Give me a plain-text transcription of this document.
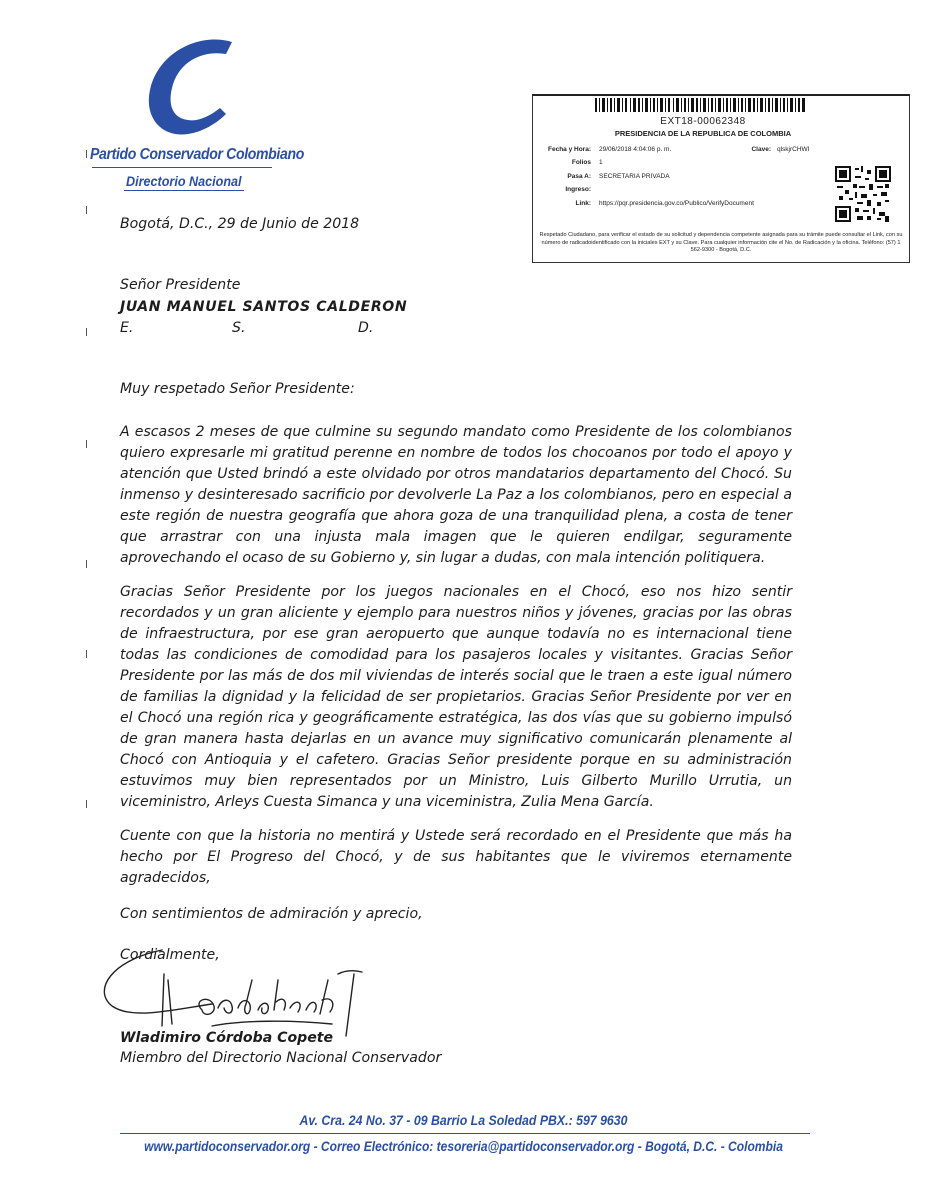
Partido Conservador Colombiano
Directorio Nacional
EXT18-00062348
PRESIDENCIA DE LA REPUBLICA DE COLOMBIA
Fecha y Hora: 29/06/2018 4:04:06 p. m.	Clave: qlskjrCHWI
Folios 1
Pasa A: SECRETARIA PRIVADA
Ingreso:
Link: https://pqr.presidencia.gov.co/Publico/VerifyDocument
Respetado Ciudadano, para verificar el estado de su solicitud y dependencia competente asignada para su trámite puede consultar el Link, con su número de radicadoidentificado con la iniciales EXT y su Clave. Para cualquier información cite el No. de Radicación y la oficina. Teléfono: (57) 1 562-9300 - Bogotá, D.C.
Bogotá, D.C., 29 de Junio de 2018
Señor Presidente
JUAN MANUEL SANTOS CALDERON
E.	S.	D.
Muy respetado Señor Presidente:
A escasos 2 meses de que culmine su segundo mandato como Presidente de los colombianos quiero expresarle mi gratitud perenne en nombre de todos los chocoanos por todo el apoyo y atención que Usted brindó a este olvidado por otros mandatarios departamento del Chocó. Su inmenso y desinteresado sacrificio por devolverle La Paz a los colombianos, pero en especial a este región de nuestra geografía que ahora goza de una tranquilidad plena, a costa de tener que arrastrar con una injusta mala imagen que le quieren endilgar, seguramente aprovechando el ocaso de su Gobierno y, sin lugar a dudas, con mala intención politiquera.
Gracias Señor Presidente por los juegos nacionales en el Chocó, eso nos hizo sentir recordados y un gran aliciente y ejemplo para nuestros niños y jóvenes, gracias por las obras de infraestructura, por ese gran aeropuerto que aunque todavía no es internacional tiene todas las condiciones de comodidad para los pasajeros locales y visitantes. Gracias Señor Presidente por las más de dos mil viviendas de interés social que le traen a este igual número de familias la dignidad y la felicidad de ser propietarios. Gracias Señor Presidente por ver en el Chocó una región rica y geográficamente estratégica, las dos vías que su gobierno impulsó de gran manera hasta dejarlas en un avance muy significativo comunicarán plenamente al Chocó con Antioquia y el cafetero. Gracias Señor presidente porque en su administración estuvimos muy bien representados por un Ministro, Luis Gilberto Murillo Urrutia, un viceministro, Arleys Cuesta Simanca y una viceministra, Zulia Mena García.
Cuente con que la historia no mentirá y Ustede será recordado en el Presidente que más ha hecho por El Progreso del Chocó, y de sus habitantes que le viviremos eternamente agradecidos,
Con sentimientos de admiración y aprecio,
Cordialmente,
Wladimiro Córdoba Copete
Miembro del Directorio Nacional Conservador
Av. Cra. 24 No. 37 - 09 Barrio La Soledad PBX.: 597 9630
www.partidoconservador.org - Correo Electrónico: tesoreria@partidoconservador.org - Bogotá, D.C. - Colombia
